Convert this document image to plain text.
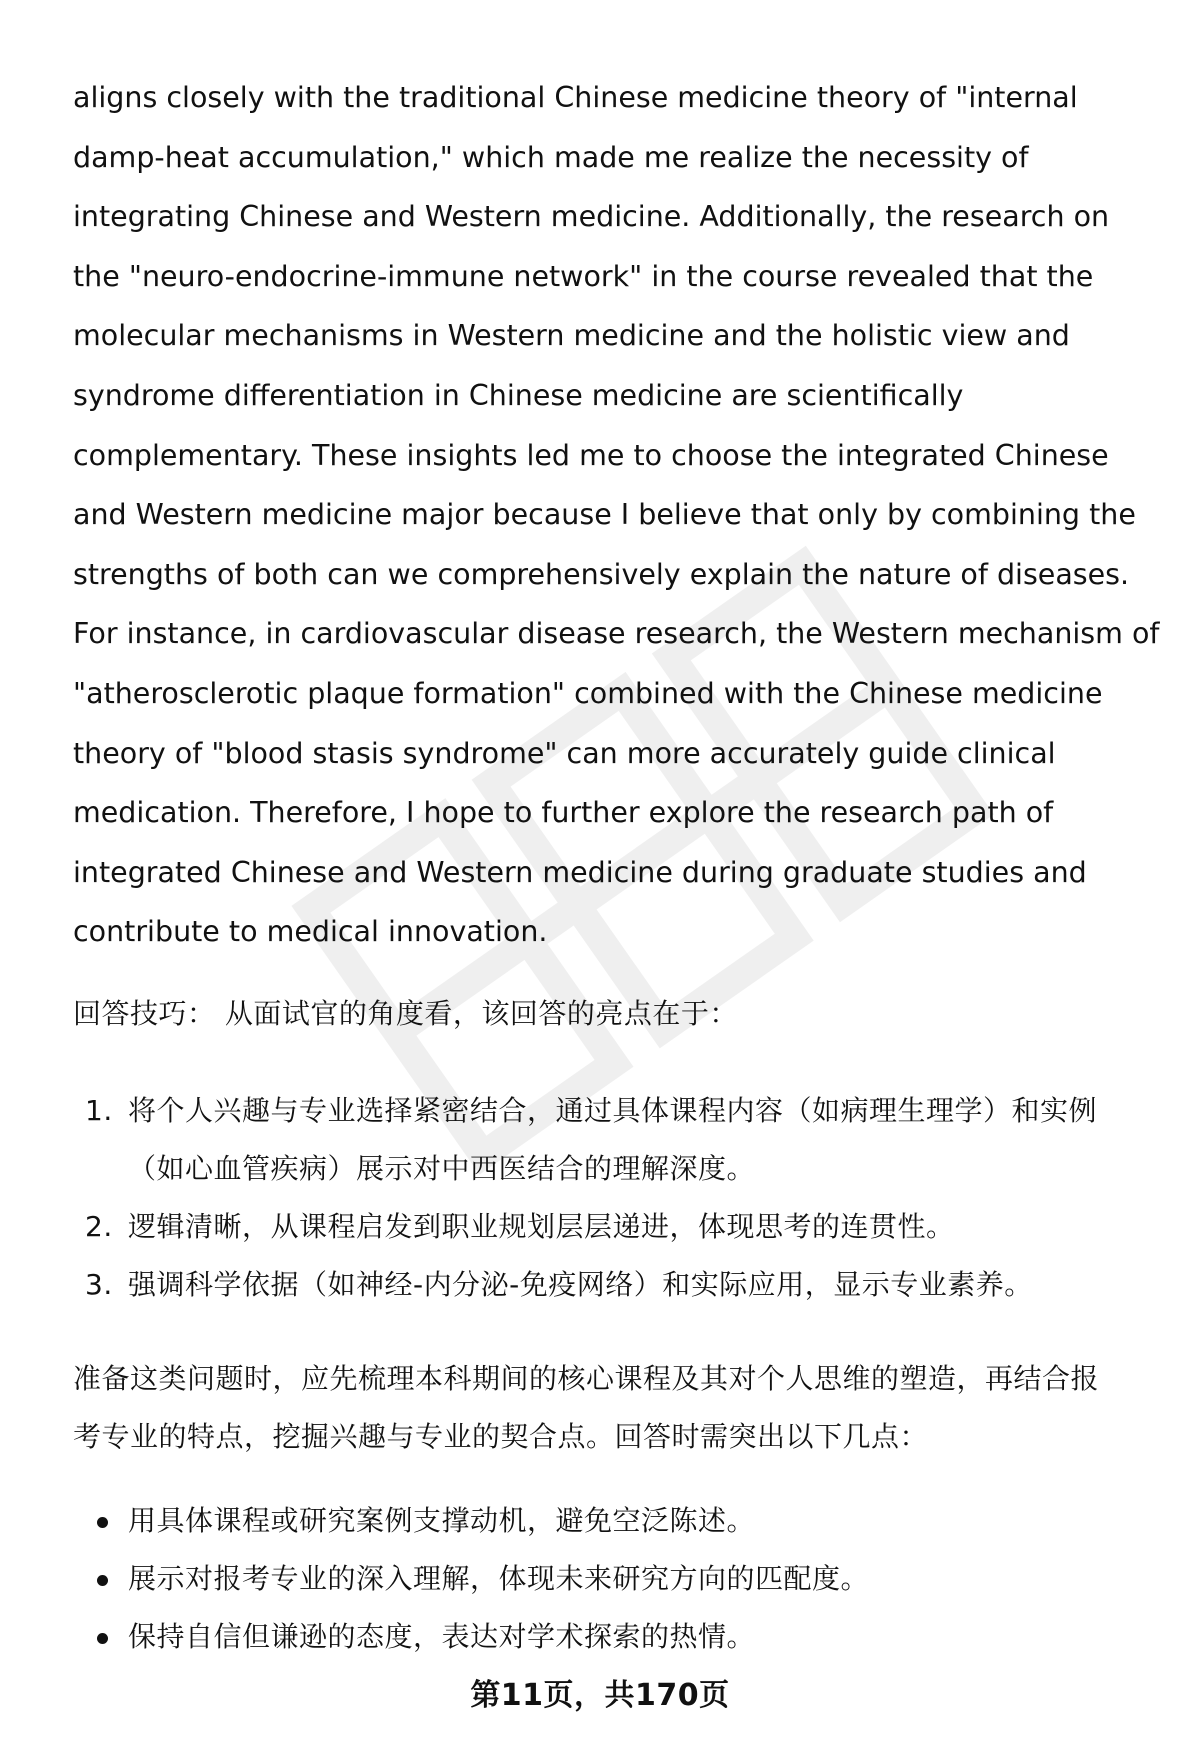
aligns closely with the traditional Chinese medicine theory of "internal
damp-heat accumulation," which made me realize the necessity of
integrating Chinese and Western medicine. Additionally, the research on
the "neuro-endocrine-immune network" in the course revealed that the
molecular mechanisms in Western medicine and the holistic view and
syndrome differentiation in Chinese medicine are scientifically
complementary. These insights led me to choose the integrated Chinese
and Western medicine major because I believe that only by combining the
strengths of both can we comprehensively explain the nature of diseases.
For instance, in cardiovascular disease research, the Western mechanism of
"atherosclerotic plaque formation" combined with the Chinese medicine
theory of "blood stasis syndrome" can more accurately guide clinical
medication. Therefore, I hope to further explore the research path of
integrated Chinese and Western medicine during graduate studies and
contribute to medical innovation.

回答技巧： 从面试官的角度看，该回答的亮点在于：

1. 将个人兴趣与专业选择紧密结合，通过具体课程内容（如病理生理学）和实例
（如心血管疾病）展示对中西医结合的理解深度。
2. 逻辑清晰，从课程启发到职业规划层层递进，体现思考的连贯性。
3. 强调科学依据（如神经-内分泌-免疫网络）和实际应用，显示专业素养。

准备这类问题时，应先梳理本科期间的核心课程及其对个人思维的塑造，再结合报
考专业的特点，挖掘兴趣与专业的契合点。回答时需突出以下几点：

用具体课程或研究案例支撑动机，避免空泛陈述。
展示对报考专业的深入理解，体现未来研究方向的匹配度。
保持自信但谦逊的态度，表达对学术探索的热情。
第11页，共170页
